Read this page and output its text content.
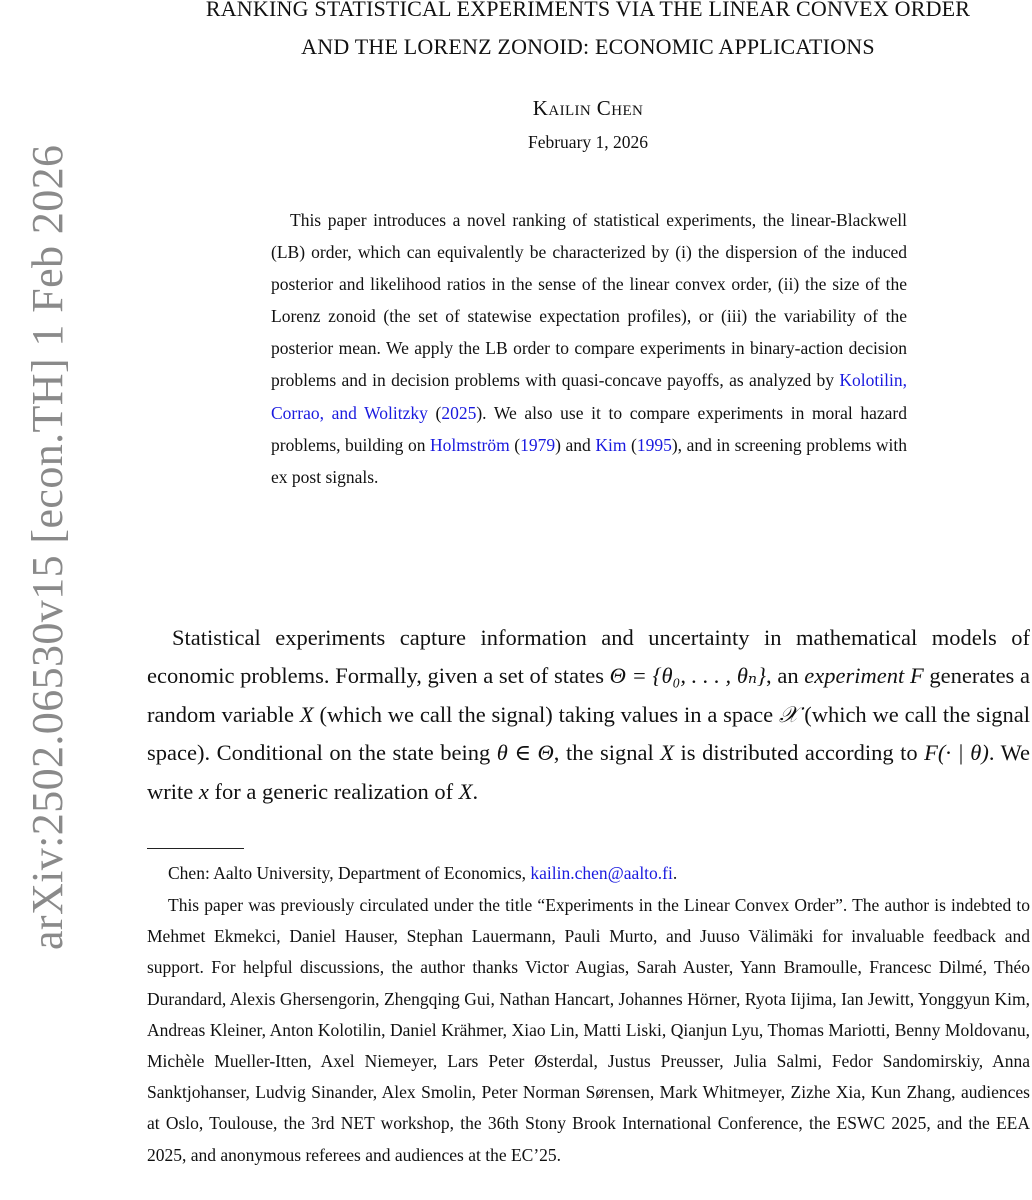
arXiv:2502.06530v15 [econ.TH] 1 Feb 2026
RANKING STATISTICAL EXPERIMENTS VIA THE LINEAR CONVEX ORDER
AND THE LORENZ ZONOID: ECONOMIC APPLICATIONS
Kailin Chen
February 1, 2026
This paper introduces a novel ranking of statistical experiments, the linear-Blackwell (LB) order, which can equivalently be characterized by (i) the dispersion of the induced posterior and likelihood ratios in the sense of the linear convex order, (ii) the size of the Lorenz zonoid (the set of statewise expectation profiles), or (iii) the variability of the posterior mean. We apply the LB order to compare experiments in binary-action decision problems and in decision problems with quasi-concave payoffs, as analyzed by Kolotilin, Corrao, and Wolitzky (2025). We also use it to compare experiments in moral hazard problems, building on Holmström (1979) and Kim (1995), and in screening problems with ex post signals.
Statistical experiments capture information and uncertainty in mathematical models of economic problems. Formally, given a set of states Θ = {θ₀, . . . , θₙ}, an experiment F generates a random variable X (which we call the signal) taking values in a space 𝒳 (which we call the signal space). Conditional on the state being θ ∈ Θ, the signal X is distributed according to F(· | θ). We write x for a generic realization of X.
Chen: Aalto University, Department of Economics, kailin.chen@aalto.fi.
This paper was previously circulated under the title “Experiments in the Linear Convex Order”. The author is indebted to Mehmet Ekmekci, Daniel Hauser, Stephan Lauermann, Pauli Murto, and Juuso Välimäki for invaluable feedback and support. For helpful discussions, the author thanks Victor Augias, Sarah Auster, Yann Bramoulle, Francesc Dilmé, Théo Durandard, Alexis Ghersengorin, Zhengqing Gui, Nathan Hancart, Johannes Hörner, Ryota Iijima, Ian Jewitt, Yonggyun Kim, Andreas Kleiner, Anton Kolotilin, Daniel Krähmer, Xiao Lin, Matti Liski, Qianjun Lyu, Thomas Mariotti, Benny Moldovanu, Michèle Mueller-Itten, Axel Niemeyer, Lars Peter Østerdal, Justus Preusser, Julia Salmi, Fedor Sandomirskiy, Anna Sanktjohanser, Ludvig Sinander, Alex Smolin, Peter Norman Sørensen, Mark Whitmeyer, Zizhe Xia, Kun Zhang, audiences at Oslo, Toulouse, the 3rd NET workshop, the 36th Stony Brook International Conference, the ESWC 2025, and the EEA 2025, and anonymous referees and audiences at the EC’25.
